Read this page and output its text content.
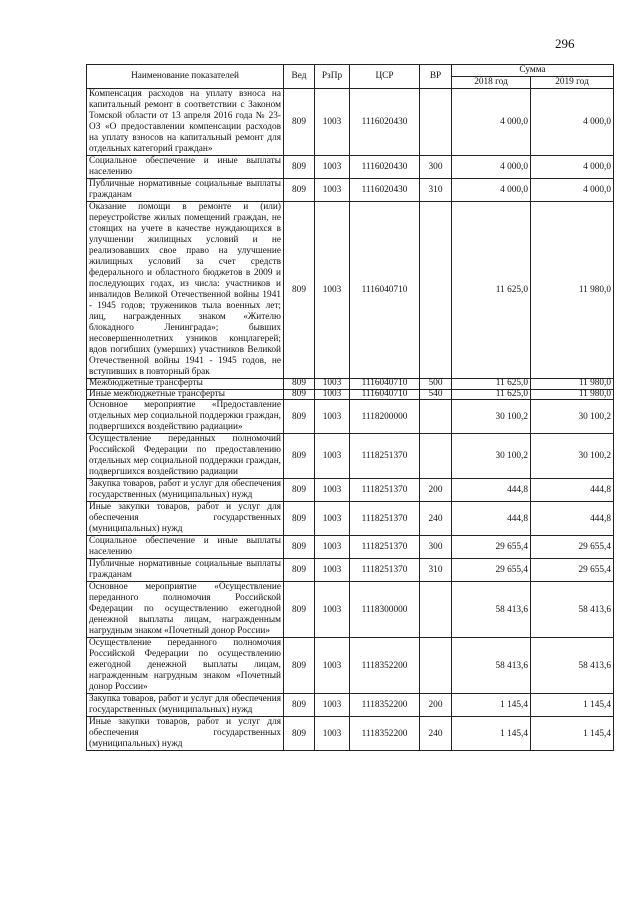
296
Наименование показателей	Вед	РзПр	ЦСР	ВР	Сумма	
					2018 год	2019 год
Компенсация расходов на уплату взноса на капитальный ремонт в соответствии с Законом Томской области от 13 апреля 2016 года № 23-ОЗ «О предоставлении компенсации расходов на уплату взносов на капитальный ремонт для отдельных категорий граждан»	809	1003	1116020430		4 000,0	4 000,0
Социальное обеспечение и иные выплаты населению	809	1003	1116020430	300	4 000,0	4 000,0
Публичные нормативные социальные выплаты гражданам	809	1003	1116020430	310	4 000,0	4 000,0
Оказание помощи в ремонте и (или) переустройстве жилых помещений граждан, не стоящих на учете в качестве нуждающихся в улучшении жилищных условий и не реализовавших свое право на улучшение жилищных условий за счет средств федерального и областного бюджетов в 2009 и последующих годах, из числа: участников и инвалидов Великой Отечественной войны 1941 - 1945 годов; тружеников тыла военных лет; лиц, награжденных знаком «Жителю блокадного Ленинграда»; бывших несовершеннолетних узников концлагерей; вдов погибших (умерших) участников Великой Отечественной войны 1941 - 1945 годов, не вступивших в повторный брак	809	1003	1116040710		11 625,0	11 980,0
Межбюджетные трансферты	809	1003	1116040710	500	11 625,0	11 980,0
Иные межбюджетные трансферты	809	1003	1116040710	540	11 625,0	11 980,0
Основное мероприятие «Предоставление отдельных мер социальной поддержки граждан, подвергшихся воздействию радиации»	809	1003	1118200000		30 100,2	30 100,2
Осуществление переданных полномочий Российской Федерации по предоставлению отдельных мер социальной поддержки граждан, подвергшихся воздействию радиации	809	1003	1118251370		30 100,2	30 100,2
Закупка товаров, работ и услуг для обеспечения государственных (муниципальных) нужд	809	1003	1118251370	200	444,8	444,8
Иные закупки товаров, работ и услуг для обеспечения государственных (муниципальных) нужд	809	1003	1118251370	240	444,8	444,8
Социальное обеспечение и иные выплаты населению	809	1003	1118251370	300	29 655,4	29 655,4
Публичные нормативные социальные выплаты гражданам	809	1003	1118251370	310	29 655,4	29 655,4
Основное мероприятие «Осуществление переданного полномочия Российской Федерации по осуществлению ежегодной денежной выплаты лицам, награжденным нагрудным знаком «Почетный донор России»	809	1003	1118300000		58 413,6	58 413,6
Осуществление переданного полномочия Российской Федерации по осуществлению ежегодной денежной выплаты лицам, награжденным нагрудным знаком «Почетный донор России»	809	1003	1118352200		58 413,6	58 413,6
Закупка товаров, работ и услуг для обеспечения государственных (муниципальных) нужд	809	1003	1118352200	200	1 145,4	1 145,4
Иные закупки товаров, работ и услуг для обеспечения государственных (муниципальных) нужд	809	1003	1118352200	240	1 145,4	1 145,4
